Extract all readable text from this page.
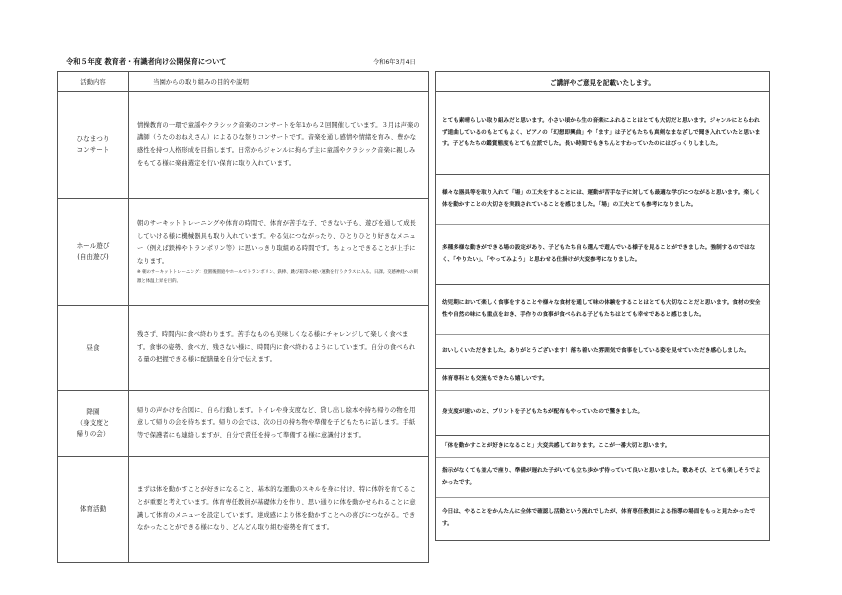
令和５年度 教育者・有識者向け公開保育について	令和6年3月4日
活動内容	当園からの取り組みの目的や説明
ひなまつり
コンサート
情操教育の一環で童謡やクラシック音楽のコンサートを年1から２回開催しています。３月は声楽の講師（うたのおねえさん）によるひな祭りコンサートです。音楽を通し感情や情緒を育み、豊かな感性を持つ人格形成を目指します。日常からジャンルに拘らず主に童謡やクラシック音楽に親しみをもてる様に楽曲選定を行い保育に取り入れています。
ホール遊び
(自由遊び)
朝のサーキットトレーニングや体育の時間で、体育が苦手な子、できない子も、遊びを通して成長していける様に機械器具も取り入れています。やる気につながったり、ひとりひとり好きなメニュー（例えば鉄棒やトランポリン等）に思いっきり取組める時間です。ちょっとできることが上手になります。
※ 朝のサーキットトレーニング：登園後園庭やホールでトランポリン、鉄棒、跳び箱等の軽い運動を行うクラスに入る。日課。交感神経への刺激と体温上昇を目的。
昼食
残さず、時間内に食べ終わります。苦手なものも美味しくなる様にチャレンジして楽しく食べます。食事の姿勢、食べ方、残さない様に、時間内に食べ終わるようにしています。自分の食べられる量の把握できる様に配膳量を自分で伝えます。
降園
（身支度と
帰りの会）
帰りの声かけを合図に、自ら行動します。トイレや身支度など、貸し出し絵本や持ち帰りの物を用意して帰りの会を待ちます。帰りの会では、次の日の持ち物や準備を子どもたちに話します。手紙等で保護者にも連絡しますが、自分で責任を持って準備する様に意識付けます。
体育活動
まずは体を動かすことが好きになること、基本的な運動のスキルを身に付け、特に体幹を育てることが重要と考えています。体育専任教員が基礎体力を作り、思い通りに体を動かせられることに意識して体育のメニューを設定しています。達成感により体を動かすことへの喜びにつながる。できなかったことができる様になり、どんどん取り組む姿勢を育てます。
ご講評やご意見を記載いたします。
とても素晴らしい取り組みだと思います。小さい頃から生の音楽にふれることはとても大切だと思います。ジャンルにとらわれず道曲しているのもとてもよく、ピアノの「幻想即興曲」や「ます」は子どもたちも真剣なまなざしで聞き入れていたと思います。子どもたちの鑑賞態度もとても立派でした。長い時間でもきちんとすわっていたのにはびっくりしました。
様々な器具等を取り入れて「場」の工夫をすることには、運動が苦手な子に対しても最適な学びにつながると思います。楽しく体を動かすことの大切さを実践されていることを感じました。「場」の工夫とても参考になりました。
多種多様な動きができる場の設定があり、子どもたち自ら選んで遊んでいる様子を見ることができました。強制するのではなく、「やりたい」、「やってみよう」と思わせる仕掛けが大変参考になりました。
幼児期において楽しく食事をすることや様々な食材を通して味の体験をすることはとても大切なことだと思います。食材の安全性や自然の味にも重点をおき、手作りの食事が食べられる子どもたちはとても幸せであると感じました。
おいしくいただきました。ありがとうございます！落ち着いた雰囲気で食事をしている姿を見せていただき感心しました。
体育専科とも交流もできたら嬉しいです。
身支度が速いのと、プリントを子どもたちが配布もやっていたので驚きました。
「体を動かすことが好きになること」大変共感しております。ここが一番大切と思います。
指示がなくても並んで座り、準備が遅れた子がいても立ち歩かず待っていて良いと思いました。歌あそび、とても楽しそうでよかったです。
今日は、やることをかんたんに全体で確認し活動という流れでしたが、体育専任教員による指導の場面をもっと見たかったです。
